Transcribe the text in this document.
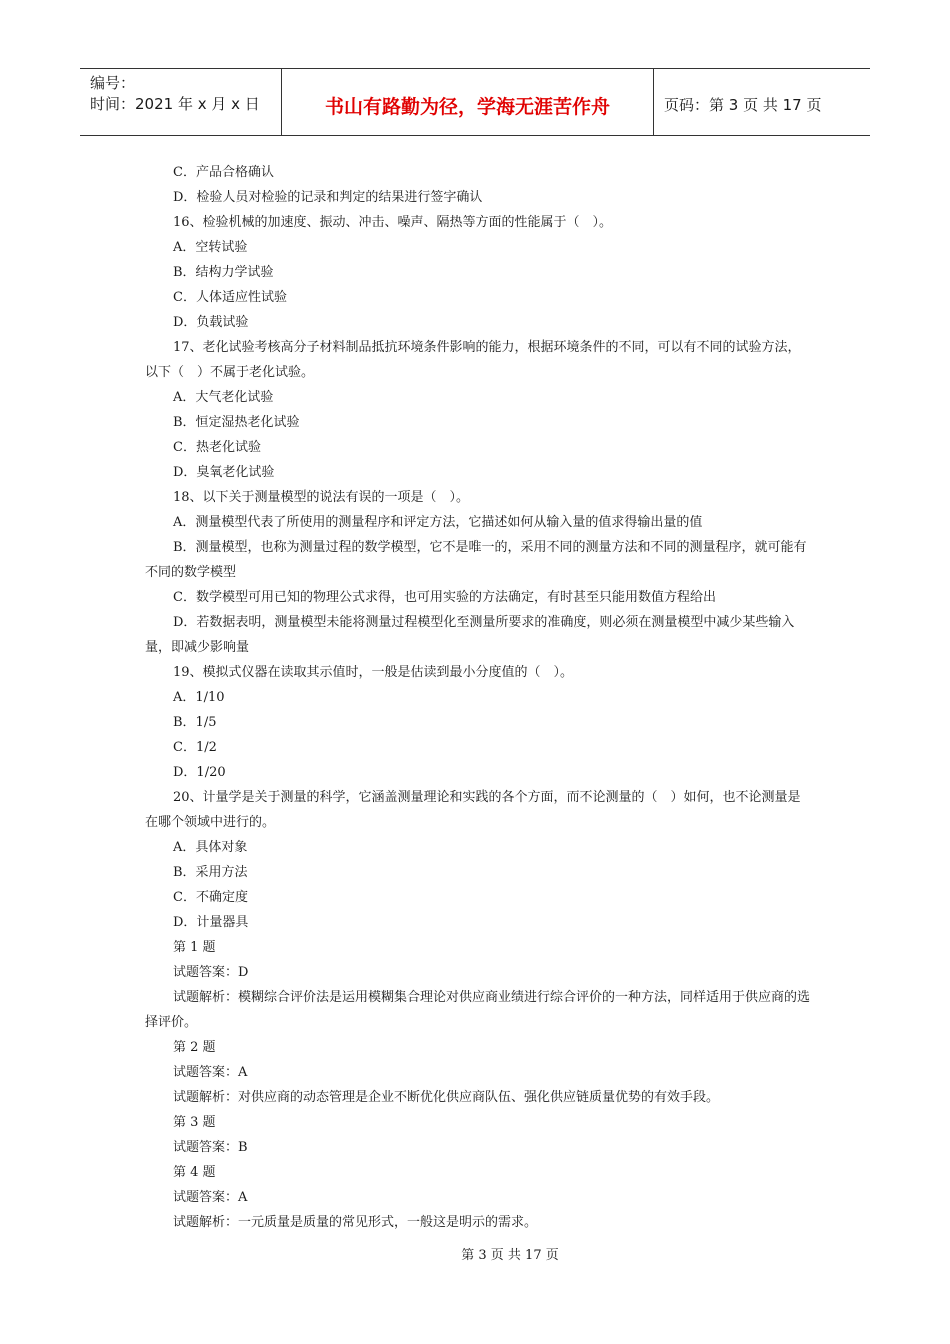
编号：
时间：2021 年 x 月 x 日	书山有路勤为径，学海无涯苦作舟	页码：第 3 页 共 17 页
C．产品合格确认
D．检验人员对检验的记录和判定的结果进行签字确认
16、检验机械的加速度、振动、冲击、噪声、隔热等方面的性能属于（　）。
A．空转试验
B．结构力学试验
C．人体适应性试验
D．负载试验
17、老化试验考核高分子材料制品抵抗环境条件影响的能力，根据环境条件的不同，可以有不同的试验方法，以下（　）不属于老化试验。
A．大气老化试验
B．恒定湿热老化试验
C．热老化试验
D．臭氧老化试验
18、以下关于测量模型的说法有误的一项是（　）。
A．测量模型代表了所使用的测量程序和评定方法，它描述如何从输入量的值求得输出量的值
B．测量模型，也称为测量过程的数学模型，它不是唯一的，采用不同的测量方法和不同的测量程序，就可能有不同的数学模型
C．数学模型可用已知的物理公式求得，也可用实验的方法确定，有时甚至只能用数值方程给出
D．若数据表明，测量模型未能将测量过程模型化至测量所要求的准确度，则必须在测量模型中减少某些输入量，即减少影响量
19、模拟式仪器在读取其示值时，一般是估读到最小分度值的（　）。
A．1/10
B．1/5
C．1/2
D．1/20
20、计量学是关于测量的科学，它涵盖测量理论和实践的各个方面，而不论测量的（　）如何，也不论测量是在哪个领域中进行的。
A．具体对象
B．采用方法
C．不确定度
D．计量器具
第 1 题
试题答案：D
试题解析：模糊综合评价法是运用模糊集合理论对供应商业绩进行综合评价的一种方法，同样适用于供应商的选择评价。
第 2 题
试题答案：A
试题解析：对供应商的动态管理是企业不断优化供应商队伍、强化供应链质量优势的有效手段。
第 3 题
试题答案：B
第 4 题
试题答案：A
试题解析：一元质量是质量的常见形式，一般这是明示的需求。
第 3 页 共 17 页
